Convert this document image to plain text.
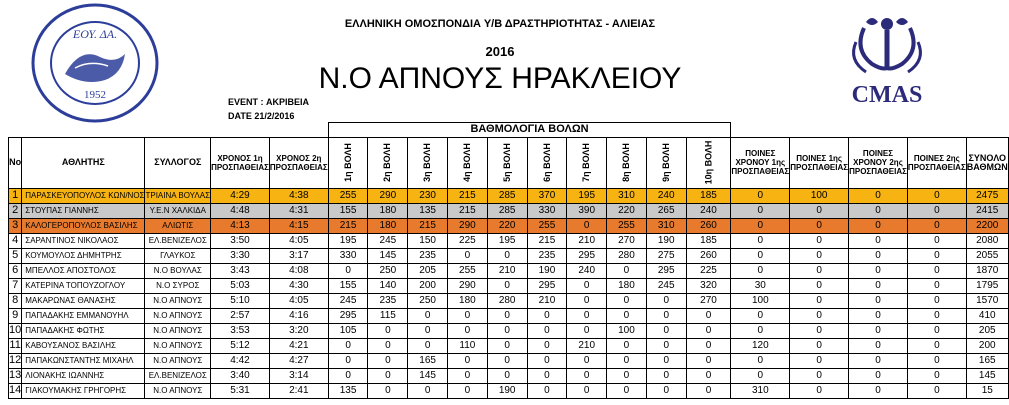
ΕΟΥ. ΔΑ.
1952	CMAS
ΕΛΛΗΝΙΚΗ ΟΜΟΣΠΟΝΔΙΑ Υ/Β ΔΡΑΣΤΗΡΙΟΤΗΤΑΣ - ΑΛΙΕΙΑΣ
2016
Ν.Ο ΑΠΝΟΥΣ ΗΡΑΚΛΕΙΟΥ
EVENT : ΑΚΡΙΒΕΙΑ
DATE 21/2/2016
					ΒΑΘΜΟΛΟΓΙΑ ΒΟΛΩΝ														
No	ΑΘΛΗΤΗΣ	ΣΥΛΛΟΓΟΣ	ΧΡΟΝΟΣ 1η ΠΡΟΣΠΑΘΕΙΑΣ	ΧΡΟΝΟΣ 2η ΠΡΟΣΠΑΘΕΙΑΣ	1η ΒΟΛΗ	2η ΒΟΛΗ	3η ΒΟΛΗ	4η ΒΟΛΗ	5η ΒΟΛΗ	6η ΒΟΛΗ	7η ΒΟΛΗ	8η ΒΟΛΗ	9η ΒΟΛΗ	10η ΒΟΛΗ	ΠΟΙΝΕΣ ΧΡΟΝΟΥ 1ης ΠΡΟΣΠΑΘΕΙΑΣ	ΠΟΙΝΕΣ 1ης ΠΡΟΣΠΑΘΕΙΑΣ	ΠΟΙΝΕΣ ΧΡΟΝΟΥ 2ης ΠΡΟΣΠΑΘΕΙΑΣ	ΠΟΙΝΕΣ 2ης ΠΡΟΣΠΑΘΕΙΑΣ	ΣΥΝΟΛΟ ΒΑΘΜΩΝ
1	ΠΑΡΑΣΚΕΥΟΠΟΥΛΟΣ ΚΩΝ/ΝΟΣ	ΤΡΙΑΙΝΑ ΒΟΥΛΑΣ	4:29	4:38	255	290	230	215	285	370	195	310	240	185	0	100	0	0	2475
2	ΣΤΟΥΠΑΣ ΓΙΑΝΝΗΣ	Υ.Ε.Ν ΧΑΛΚΙΔΑ	4:48	4:31	155	180	135	215	285	330	390	220	265	240	0	0	0	0	2415
3	ΚΑΛΟΓΕΡΟΠΟΥΛΟΣ ΒΑΣΙΛΗΣ	ΑΛΙΩΤΙΣ	4:13	4:15	215	180	215	290	220	255	0	255	310	260	0	0	0	0	2200
4	ΣΑΡΑΝΤΙΝΟΣ ΝΙΚΟΛΑΟΣ	ΕΛ.ΒΕΝΙΖΕΛΟΣ	3:50	4:05	195	245	150	225	195	215	210	270	190	185	0	0	0	0	2080
5	ΚΟΥΜΟΥΛΟΣ ΔΗΜΗΤΡΗΣ	ΓΛΑΥΚΟΣ	3:30	3:17	330	145	235	0	0	235	295	280	275	260	0	0	0	0	2055
6	ΜΠΕΛΛΟΣ ΑΠΟΣΤΟΛΟΣ	Ν.Ο ΒΟΥΛΑΣ	3:43	4:08	0	250	205	255	210	190	240	0	295	225	0	0	0	0	1870
7	ΚΑΤΕΡΙΝΑ ΤΟΠΟΥΖΟΓΛΟΥ	Ν.Ο ΣΥΡΟΣ	5:03	4:30	155	140	200	290	0	295	0	180	245	320	30	0	0	0	1795
8	ΜΑΚΑΡΩΝΑΣ ΘΑΝΑΣΗΣ	Ν.Ο ΑΠΝΟΥΣ	5:10	4:05	245	235	250	180	280	210	0	0	0	270	100	0	0	0	1570
9	ΠΑΠΑΔΑΚΗΣ ΕΜΜΑΝΟΥΗΛ	Ν.Ο ΑΠΝΟΥΣ	2:57	4:16	295	115	0	0	0	0	0	0	0	0	0	0	0	0	410
10	ΠΑΠΑΔΑΚΗΣ ΦΩΤΗΣ	Ν.Ο ΑΠΝΟΥΣ	3:53	3:20	105	0	0	0	0	0	0	100	0	0	0	0	0	0	205
11	ΚΑΒΟΥΣΑΝΟΣ ΒΑΣΙΛΗΣ	Ν.Ο ΑΠΝΟΥΣ	5:12	4:21	0	0	0	110	0	0	210	0	0	0	120	0	0	0	200
12	ΠΑΠΑΚΩΝΣΤΑΝΤΗΣ ΜΙΧΑΗΛ	Ν.Ο ΑΠΝΟΥΣ	4:42	4:27	0	0	165	0	0	0	0	0	0	0	0	0	0	0	165
13	ΛΙΟΝΑΚΗΣ ΙΩΑΝΝΗΣ	ΕΛ.ΒΕΝΙΖΕΛΟΣ	3:40	3:14	0	0	145	0	0	0	0	0	0	0	0	0	0	0	145
14	ΓΙΑΚΟΥΜΑΚΗΣ ΓΡΗΓΟΡΗΣ	Ν.Ο ΑΠΝΟΥΣ	5:31	2:41	135	0	0	0	190	0	0	0	0	0	310	0	0	0	15
